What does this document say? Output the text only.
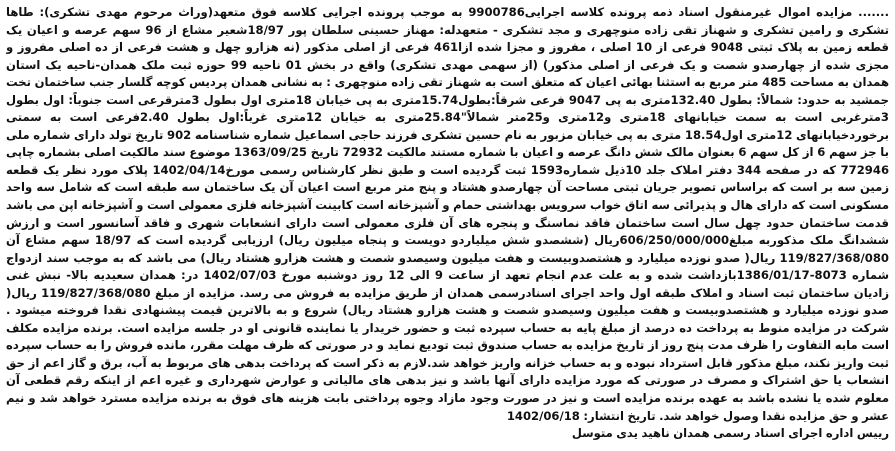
....... مزایده اموال غیرمنقول اسناد ذمه پرونده کلاسه اجرایی9900786 به موجب پرونده اجرایی کلاسه فوق متعهد(وراث مرحوم مهدی تشکری): طاها تشکری و رامین تشکری و شهناز تقی زاده منوچهری و مجد تشکری - متعهدله: مهناز حسینی سلطان پور 18/97شعیر مشاع از 96 سهم عرصه و اعیان یک قطعه زمین به پلاک ثبتی 9048 فرعی از 10 اصلی ، مفروز و مجزا شده ازا461 فرعی از اصلی مذکور (نه هزارو چهل و هشت فرعی از ده اصلی مفروز و مجزی شده از چهارصدو شصت و یک فرعی از اصلی مذکور) (از سهمی مهدی تشکری) واقع در بخش 01 ناحیه 99 حوزه ثبت ملک همدان-ناحیه یک استان همدان به مساحت 485 متر مربع به استثنا بهائی اعیان که متعلق است به شهناز تقی زاده منوچهری : به نشانی همدان پردیس کوچه گلسار جنب ساختمان تخت جمشید به حدود: شمالاً: بطول 132.40متری به پی 9047 فرعی شرقاً:بطول15.74متری به پی خیابان 18متری اول بطول 3مترقرعی است جنوباً: اول بطول 3مترغربی است به سمت خیابانهای 18متری و12متری و25متر شمالاً"25.84متری به خیابان 12متری غرباً:اول بطول 2.40فرعی است به سمتی برخوردخیابانهای 12متری اول18.54 متری به پی خیابان مزبور به نام حسین تشکری فرزند حاجی اسماعیل شماره شناسنامه 902 تاریخ تولد دارای شماره ملی با جز سهم 6 از کل سهم 6 بعنوان مالک شش دانگ عرصه و اعیان با شماره مستند مالکیت 72932 تاریخ 1363/09/25 موضوع سند مالکیت اصلی بشماره چاپی 772946 که در صفحه 344 دفتر املاک جلد 10ذیل شماره1593 ثبت گردیده است و طبق نظر کارشناس رسمی مورخ1402/04/14 پلاک مورد نظر یک قطعه زمین سه بر است که براساس تصویر جریان ثبتی مساحت آن چهارصدو هشتاد و پنج متر مربع است اعیان آن یک ساختمان سه طبقه است که شامل سه واحد مسکونی است که دارای هال و پذیرائی سه اتاق خواب سرویس بهداشتی حمام و آشپزخانه است کابینت آشپزخانه فلزی معمولی است و آشپزخانه اپن می باشد قدمت ساختمان حدود چهل سال است ساختمان فاقد نماسنگ و پنجره های آن فلزی معمولی است دارای انشعابات شهری و فاقد آسانسور است و ارزش ششدانگ ملک مذکوربه مبلغ606/250/000/000ریال (ششصدو شش میلیاردو دویست و پنجاه میلیون ریال) ارزیابی گردیده است که 18/97 سهم مشاع آن 119/827/368/080 ریال( صدو نوزده میلیارد و هشتصدوبیست و هفت میلیون وسیصدو شصت و هشت هزارو هشتاد ریال) می باشد که به موجب سند ازدواج شماره 8073-1386/01/17بازداشت شده و به علت عدم انجام تعهد از ساعت 9 الی 12 روز دوشنبه مورخ 1402/07/03 در: همدان سعیدیه بالا- نبش غنی زادیان ساختمان ثبت اسناد و املاک طبقه اول واحد اجرای اسنادرسمی همدان از طریق مزایده به فروش می رسد. مزایده از مبلغ 119/827/368/080 ریال( صدو نوزده میلیارد و هشتصدوبیست و هفت میلیون وسیصدو شصت و هشت هزارو هشتاد ریال) شروع و به بالاترین قیمت پیشنهادی نقدا فروخته میشود . شرکت در مزایده منوط به پرداخت ده درصد از مبلغ پایه به حساب سپرده ثبت و حضور خریدار یا نماینده قانونی او در جلسه مزایده است. برنده مزایده مکلف است مابه التفاوت را ظرف مدت پنج روز از تاریخ مزایده به حساب صندوق ثبت تودیع نماید و در صورتی که ظرف مهلت مقرر، مانده فروش را به حساب سپرده ثبت واریز نکند، مبلغ مذکور قابل استرداد نبوده و به حساب خزانه واریز خواهد شد.لازم به ذکر است که پرداخت بدهی های مربوط به آب، برق و گاز اعم از حق انشعاب یا حق اشتراک و مصرف در صورتی که مورد مزایده دارای آنها باشد و نیز بدهی های مالیاتی و عوارض شهرداری و غیره اعم از اینکه رقم قطعی آن معلوم شده یا نشده باشد به عهده برنده مزایده است و نیز در صورت وجود مازاد وجوه پرداختی بابت هزینه های فوق به برنده مزایده مسترد خواهد شد و نیم عشر و حق مزایده نقدا وصول خواهد شد. تاریخ انتشار: 1402/06/18

رییس اداره اجرای اسناد رسمی همدان ناهید یدی متوسل
